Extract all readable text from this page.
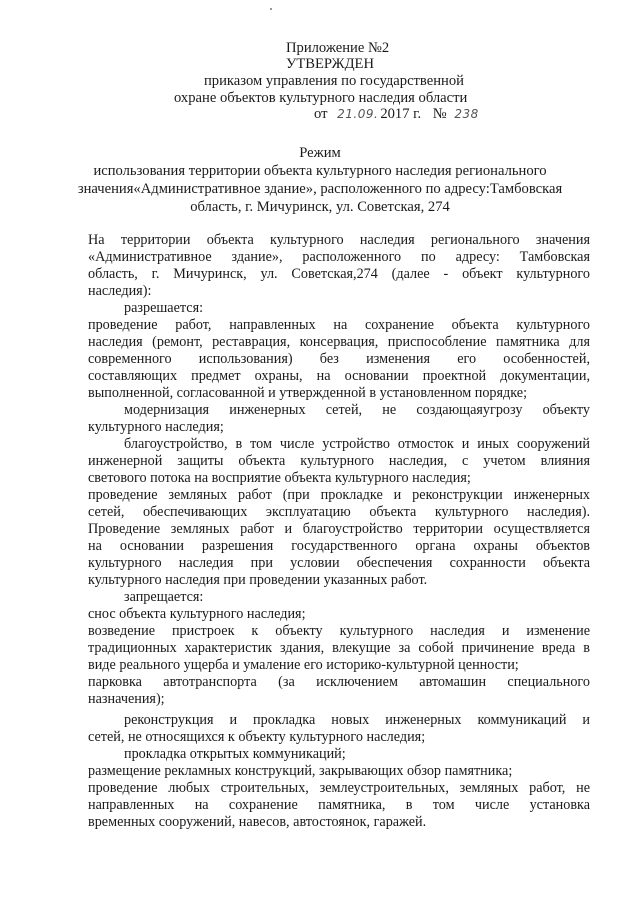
Приложение №2
УТВЕРЖДЕН
приказом управления по государственной
охране объектов культурного наследия области
от 21.09. 2017 г. № 238
Режим
использования территории объекта культурного наследия регионального
значения«Административное здание», расположенного по адресу:Тамбовская
область, г. Мичуринск, ул. Советская, 274
На территории объекта культурного наследия регионального значения
«Административное здание», расположенного по адресу: Тамбовская
область, г. Мичуринск, ул. Советская,274 (далее - объект культурного
наследия):
разрешается:
проведение работ, направленных на сохранение объекта культурного
наследия (ремонт, реставрация, консервация, приспособление памятника для
современного использования) без изменения его особенностей,
составляющих предмет охраны, на основании проектной документации,
выполненной, согласованной и утвержденной в установленном порядке;
модернизация инженерных сетей, не создающаяугрозу объекту
культурного наследия;
благоустройство, в том числе устройство отмосток и иных сооружений
инженерной защиты объекта культурного наследия, с учетом влияния
светового потока на восприятие объекта культурного наследия;
проведение земляных работ (при прокладке и реконструкции инженерных
сетей, обеспечивающих эксплуатацию объекта культурного наследия).
Проведение земляных работ и благоустройство территории осуществляется
на основании разрешения государственного органа охраны объектов
культурного наследия при условии обеспечения сохранности объекта
культурного наследия при проведении указанных работ.
запрещается:
снос объекта культурного наследия;
возведение пристроек к объекту культурного наследия и изменение
традиционных характеристик здания, влекущие за собой причинение вреда в
виде реального ущерба и умаление его историко-культурной ценности;
парковка автотранспорта (за исключением автомашин специального
назначения);
реконструкция и прокладка новых инженерных коммуникаций и
сетей, не относящихся к объекту культурного наследия;
прокладка открытых коммуникаций;
размещение рекламных конструкций, закрывающих обзор памятника;
проведение любых строительных, землеустроительных, земляных работ, не
направленных на сохранение памятника, в том числе установка
временных сооружений, навесов, автостоянок, гаражей.
